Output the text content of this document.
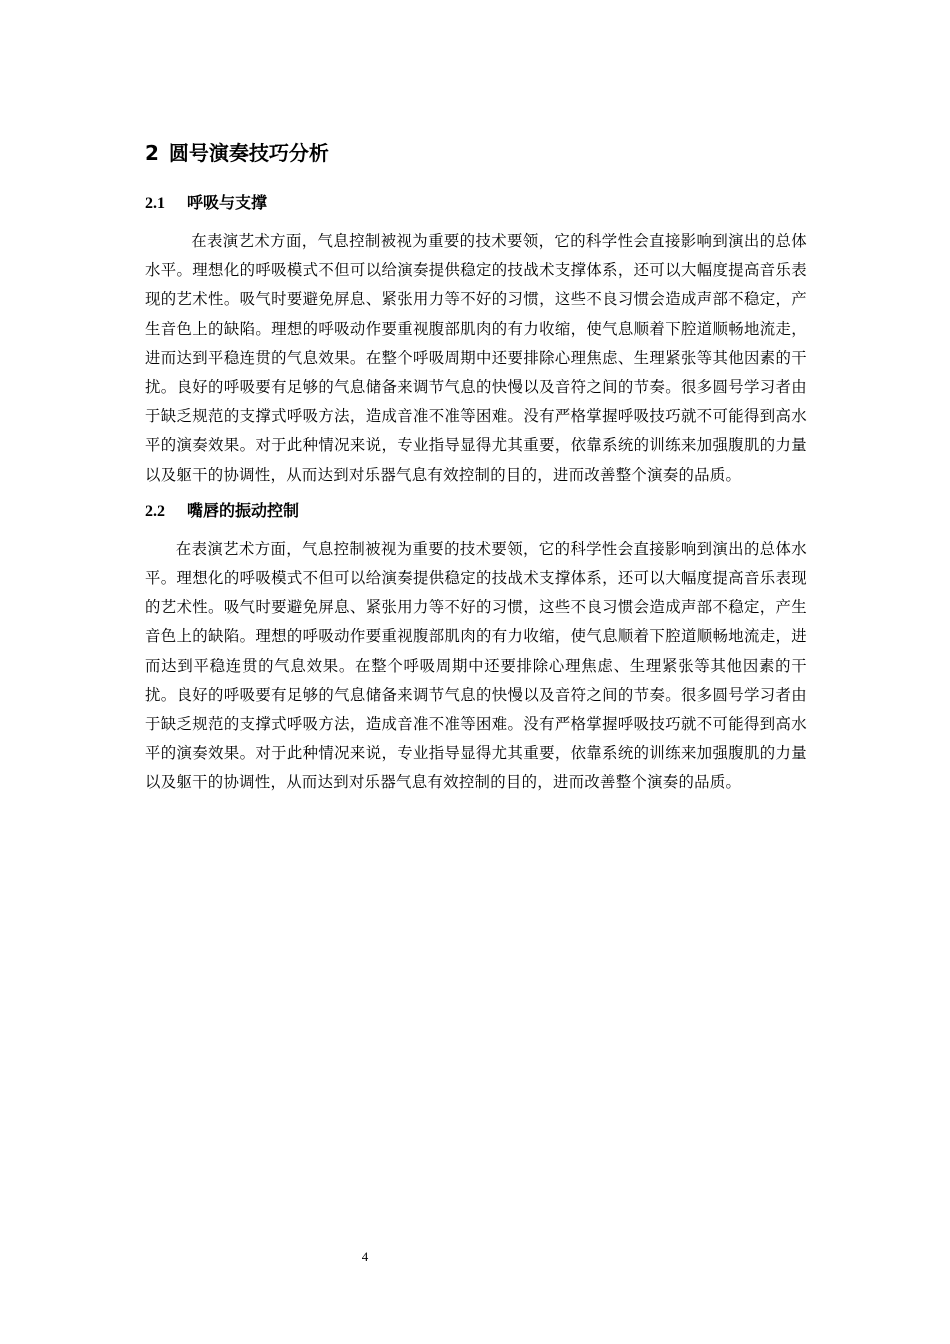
2 圆号演奏技巧分析
2.1 呼吸与支撑

在表演艺术方面，气息控制被视为重要的技术要领，它的科学性会直接影响到演出的总体水平。理想化的呼吸模式不但可以给演奏提供稳定的技战术支撑体系，还可以大幅度提高音乐表现的艺术性。吸气时要避免屏息、紧张用力等不好的习惯，这些不良习惯会造成声部不稳定，产生音色上的缺陷。理想的呼吸动作要重视腹部肌肉的有力收缩，使气息顺着下腔道顺畅地流走，进而达到平稳连贯的气息效果。在整个呼吸周期中还要排除心理焦虑、生理紧张等其他因素的干扰。良好的呼吸要有足够的气息储备来调节气息的快慢以及音符之间的节奏。很多圆号学习者由于缺乏规范的支撑式呼吸方法，造成音准不准等困难。没有严格掌握呼吸技巧就不可能得到高水平的演奏效果。对于此种情况来说，专业指导显得尤其重要，依靠系统的训练来加强腹肌的力量以及躯干的协调性，从而达到对乐器气息有效控制的目的，进而改善整个演奏的品质。

2.2 嘴唇的振动控制

在表演艺术方面，气息控制被视为重要的技术要领，它的科学性会直接影响到演出的总体水平。理想化的呼吸模式不但可以给演奏提供稳定的技战术支撑体系，还可以大幅度提高音乐表现的艺术性。吸气时要避免屏息、紧张用力等不好的习惯，这些不良习惯会造成声部不稳定，产生音色上的缺陷。理想的呼吸动作要重视腹部肌肉的有力收缩，使气息顺着下腔道顺畅地流走，进而达到平稳连贯的气息效果。在整个呼吸周期中还要排除心理焦虑、生理紧张等其他因素的干扰。良好的呼吸要有足够的气息储备来调节气息的快慢以及音符之间的节奏。很多圆号学习者由于缺乏规范的支撑式呼吸方法，造成音准不准等困难。没有严格掌握呼吸技巧就不可能得到高水平的演奏效果。对于此种情况来说，专业指导显得尤其重要，依靠系统的训练来加强腹肌的力量以及躯干的协调性，从而达到对乐器气息有效控制的目的，进而改善整个演奏的品质。

4
